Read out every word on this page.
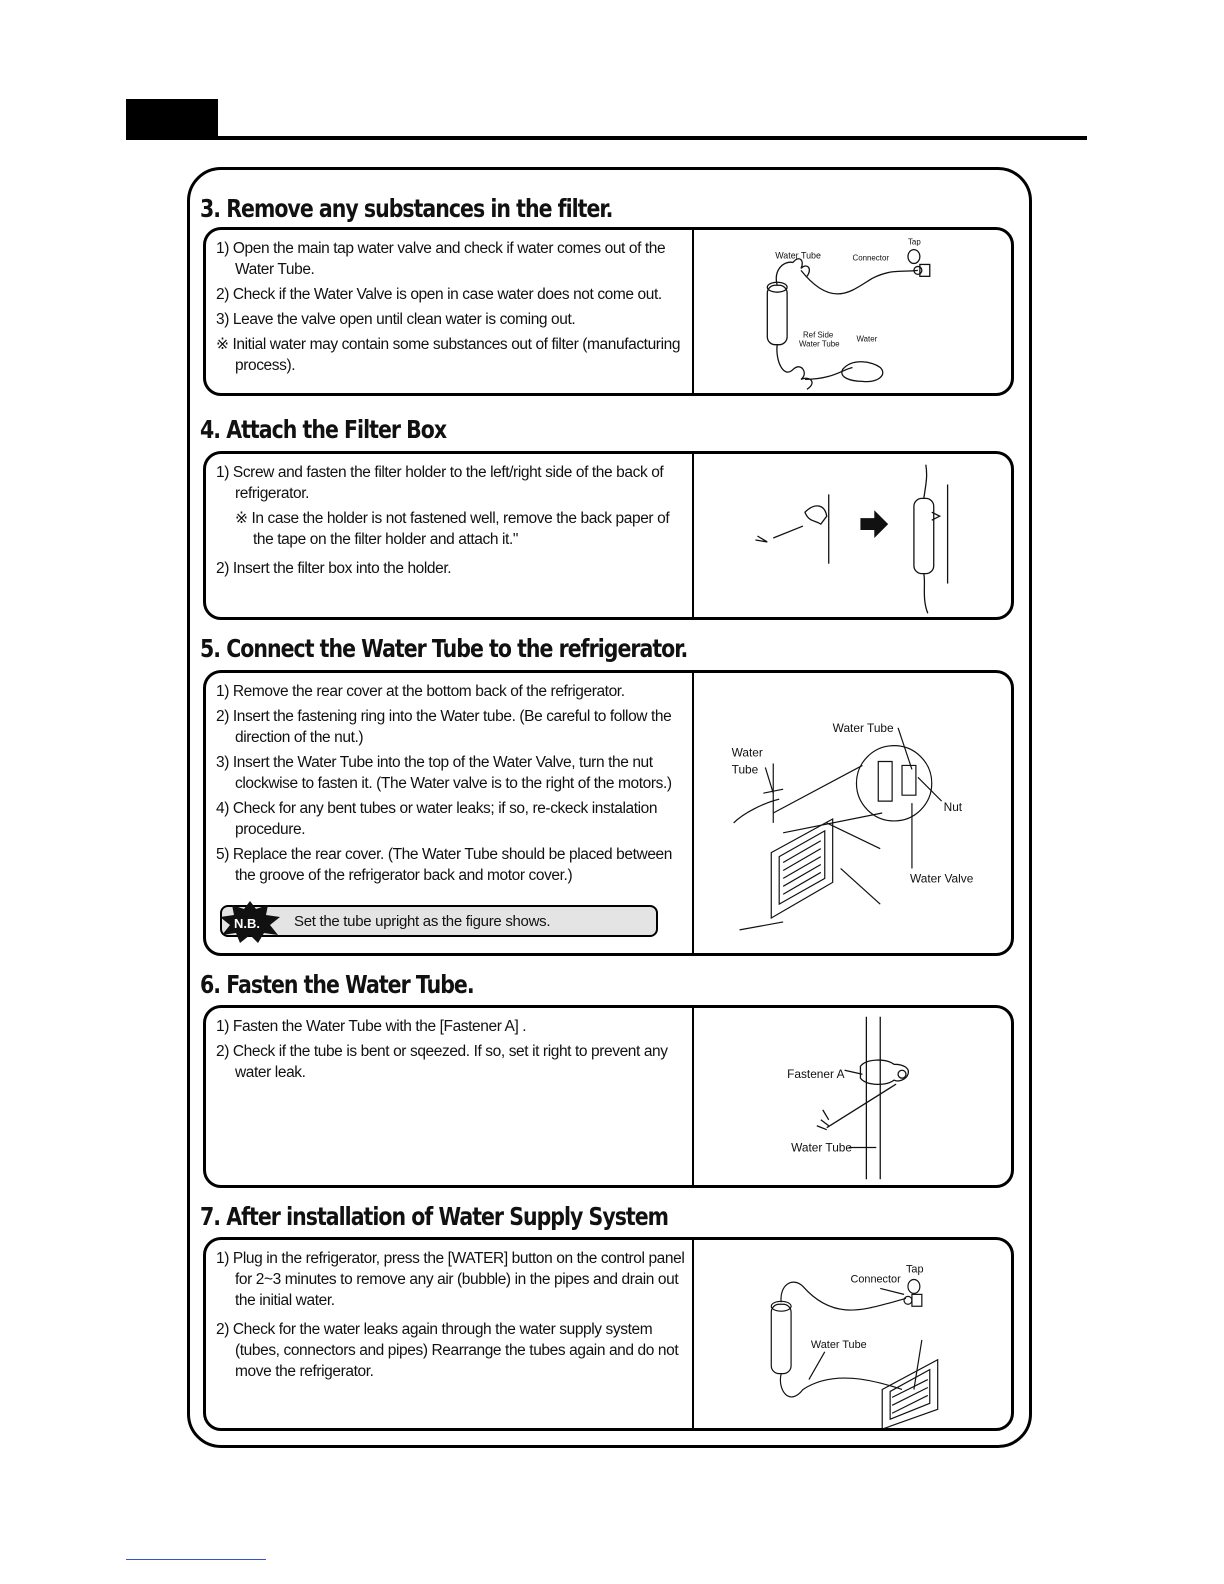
3. Remove any substances in the filter.
1) Open the main tap water valve and check if water comes out of the Water Tube.
2) Check if the Water Valve is open in case water does not come out.
3) Leave the valve open until clean water is coming out.
※ Initial water may contain some substances out of filter (manufacturing process).
Water Tube	Connector
Tap
Ref Side
Water Tube
Water
4. Attach the Filter Box
1) Screw and fasten the filter holder to the left/right side of the back of refrigerator.
※ In case the holder is not fastened well, remove the back paper of the tape on the filter holder and attach it."
2) Insert the filter box into the holder.
5. Connect the Water Tube to the refrigerator.
1) Remove the rear cover at the bottom back of the refrigerator.
2) Insert the fastening ring into the Water tube. (Be careful to follow the direction of the nut.)
3) Insert the Water Tube into the top of the Water Valve, turn the nut clockwise to fasten it. (The Water valve is to the right of the motors.)
4) Check for any bent tubes or water leaks; if so, re-ckeck instalation procedure.
5) Replace the rear cover. (The Water Tube should be placed between the groove of the refrigerator back and motor cover.)
N.B. Set the tube upright as the figure shows.
Water Tube
Water
Tube
Nut
Water Valve
6. Fasten the Water Tube.
1) Fasten the Water Tube with the [Fastener A] .
2) Check if the tube is bent or sqeezed. If so, set it right to prevent any water leak.	Fastener A
Water Tube
7. After installation of Water Supply System
1) Plug in the refrigerator, press the [WATER] button on the control panel for 2~3 minutes to remove any air (bubble) in the pipes and drain out the initial water.
2) Check for the water leaks again through the water supply system (tubes, connectors and pipes) Rearrange the tubes again and do not move the refrigerator.
Connector
Tap
Water Tube
